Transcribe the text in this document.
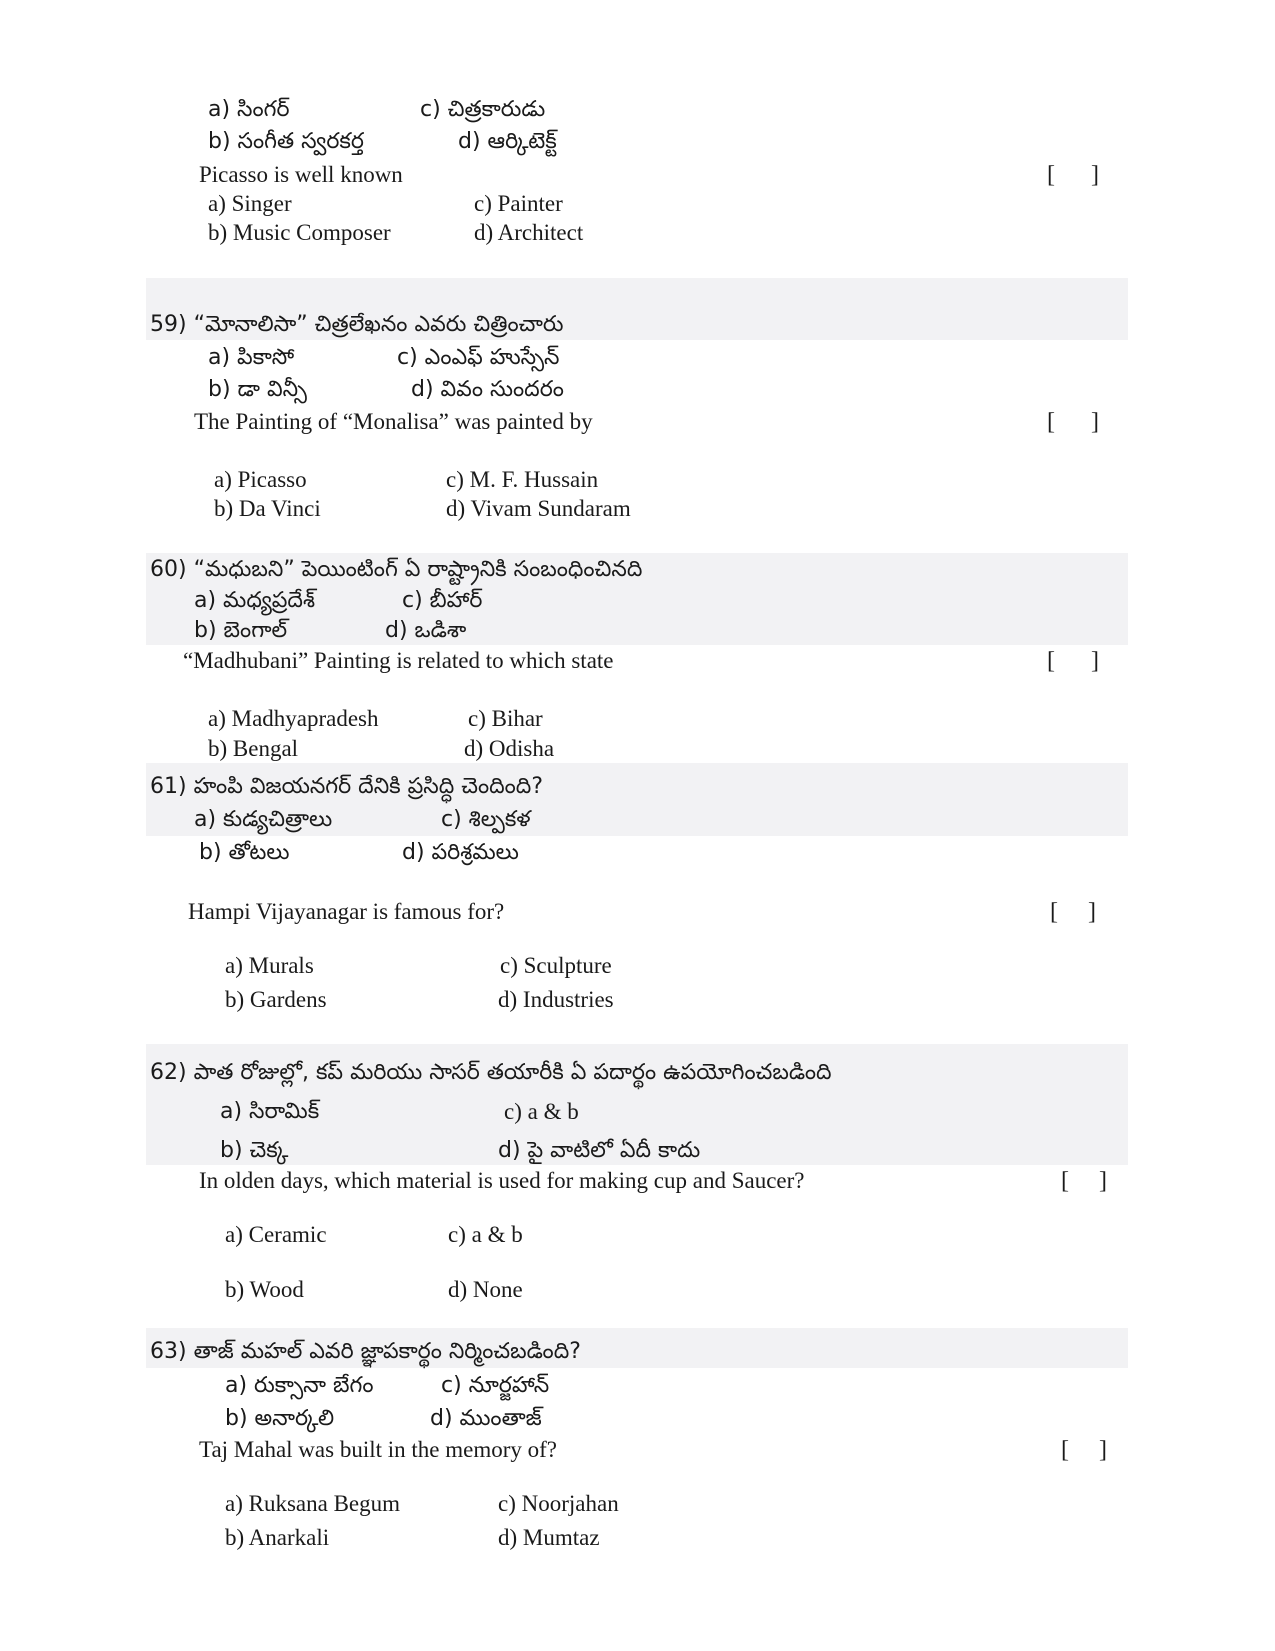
a) సింగర్	c) చిత్రకారుడు
b) సంగీత స్వరకర్త	d) ఆర్కిటెక్ట్
Picasso is well known	[      ]
a) Singer	c) Painter
b) Music Composer	d) Architect
59) “మోనాలిసా” చిత్రలేఖనం ఎవరు చిత్రించారు
a) పికాసో	c) ఎంఎఫ్ హుస్సేన్
b) డా విన్సీ	d) వివం సుందరం
The Painting of “Monalisa” was painted by	[      ]
a) Picasso	c) M. F. Hussain
b) Da Vinci	d) Vivam Sundaram
60) “మధుబని” పెయింటింగ్ ఏ రాష్ట్రానికి సంబంధించినది
a) మధ్యప్రదేశ్	c) బీహార్
b) బెంగాల్	d) ఒడిశా
“Madhubani” Painting is related to which state	[      ]
a) Madhyapradesh	c) Bihar
b) Bengal	d) Odisha
61) హంపి విజయనగర్ దేనికి ప్రసిద్ధి చెందింది?
a) కుడ్యచిత్రాలు	c) శిల్పకళ
b) తోటలు	d) పరిశ్రమలు
Hampi Vijayanagar is famous for?	[     ]
a) Murals	c) Sculpture
b) Gardens	d) Industries
62) పాత రోజుల్లో, కప్ మరియు సాసర్ తయారీకి ఏ పదార్థం ఉపయోగించబడింది
a) సిరామిక్	c) a & b
b) చెక్క	d) పై వాటిలో ఏదీ కాదు
In olden days, which material is used for making cup and Saucer?	[     ]
a) Ceramic	c) a & b
b) Wood	d) None
63) తాజ్ మహల్ ఎవరి జ్ఞాపకార్థం నిర్మించబడింది?
a) రుక్సానా బేగం	c) నూర్జహాన్
b) అనార్కలి	d) ముంతాజ్
Taj Mahal was built in the memory of?	[     ]
a) Ruksana Begum	c) Noorjahan
b) Anarkali	d) Mumtaz
